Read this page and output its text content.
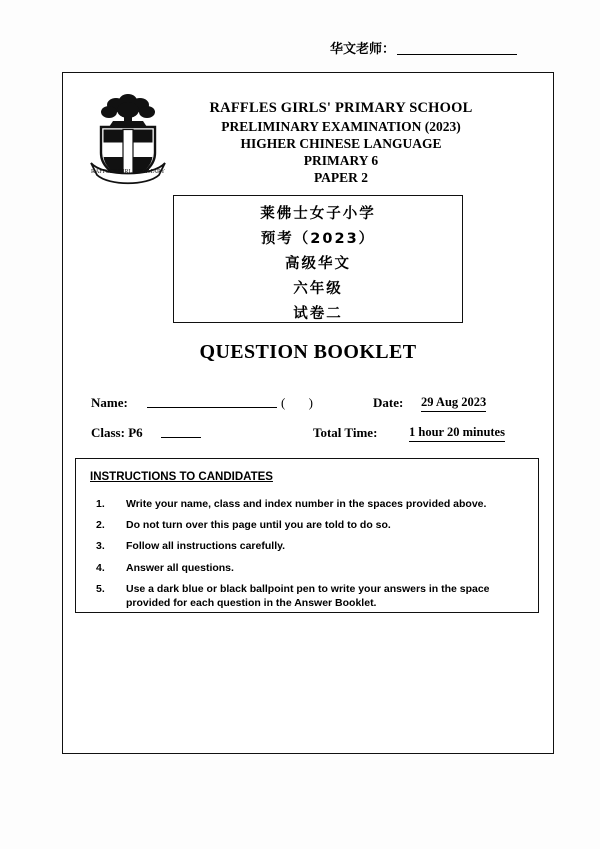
华文老师：
RAFFLES GIRLS' PRIMARY
RAFFLES GIRLS' PRIMARY SCHOOL
PRELIMINARY EXAMINATION (2023)
HIGHER CHINESE LANGUAGE
PRIMARY 6
PAPER 2
莱佛士女子小学
预考（2023）
高级华文
六年级
试卷二
QUESTION BOOKLET
Name:	( )	Date: 29 Aug 2023
Class: P6	Total Time:	1 hour 20 minutes
INSTRUCTIONS TO CANDIDATES
1. Write your name, class and index number in the spaces provided above.
2. Do not turn over this page until you are told to do so.
3. Follow all instructions carefully.
4. Answer all questions.
5. Use a dark blue or black ballpoint pen to write your answers in the space provided for each question in the Answer Booklet.
